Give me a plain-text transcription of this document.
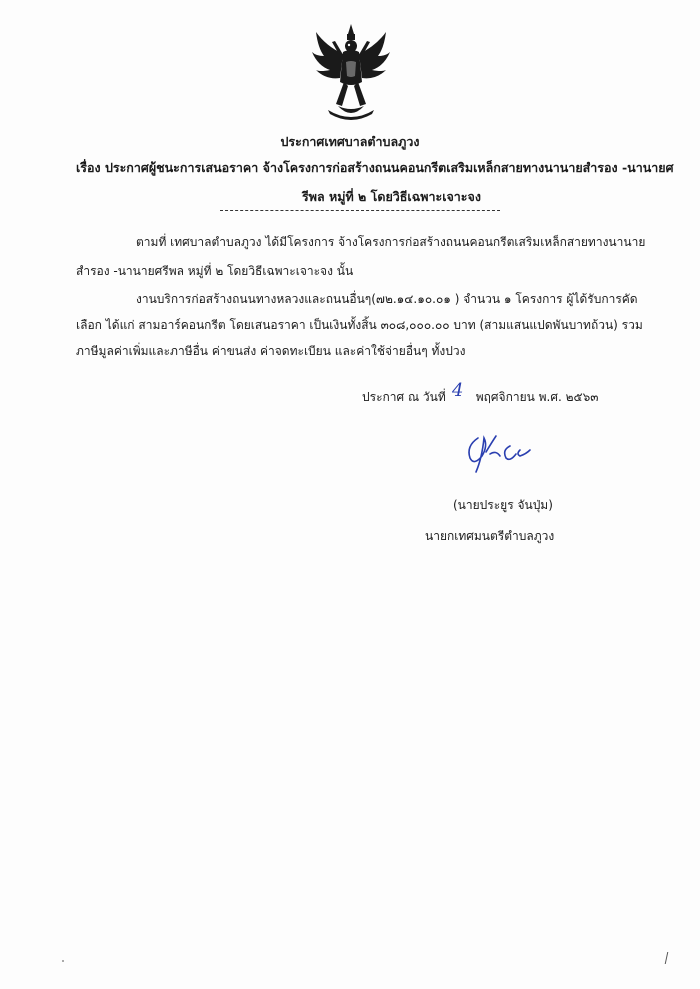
ประกาศเทศบาลตำบลภูวง
เรื่อง ประกาศผู้ชนะการเสนอราคา จ้างโครงการก่อสร้างถนนคอนกรีตเสริมเหล็กสายทางนานายสำรอง -นานายศ
รีพล หมู่ที่ ๒ โดยวิธีเฉพาะเจาะจง
ตามที่ เทศบาลตำบลภูวง ได้มีโครงการ จ้างโครงการก่อสร้างถนนคอนกรีตเสริมเหล็กสายทางนานาย
สำรอง -นานายศรีพล หมู่ที่ ๒ โดยวิธีเฉพาะเจาะจง นั้น
งานบริการก่อสร้างถนนทางหลวงและถนนอื่นๆ(๗๒.๑๔.๑๐.๐๑ ) จำนวน ๑ โครงการ ผู้ได้รับการคัด
เลือก ได้แก่ สามอาร์คอนกรีต โดยเสนอราคา เป็นเงินทั้งสิ้น ๓๐๘,๐๐๐.๐๐ บาท (สามแสนแปดพันบาทถ้วน) รวม
ภาษีมูลค่าเพิ่มและภาษีอื่น ค่าขนส่ง ค่าจดทะเบียน และค่าใช้จ่ายอื่นๆ ทั้งปวง
ประกาศ ณ วันที่	พฤศจิกายน พ.ศ. ๒๕๖๓
4
(นายประยูร จันปุ่ม)
นายกเทศมนตรีตำบลภูวง
